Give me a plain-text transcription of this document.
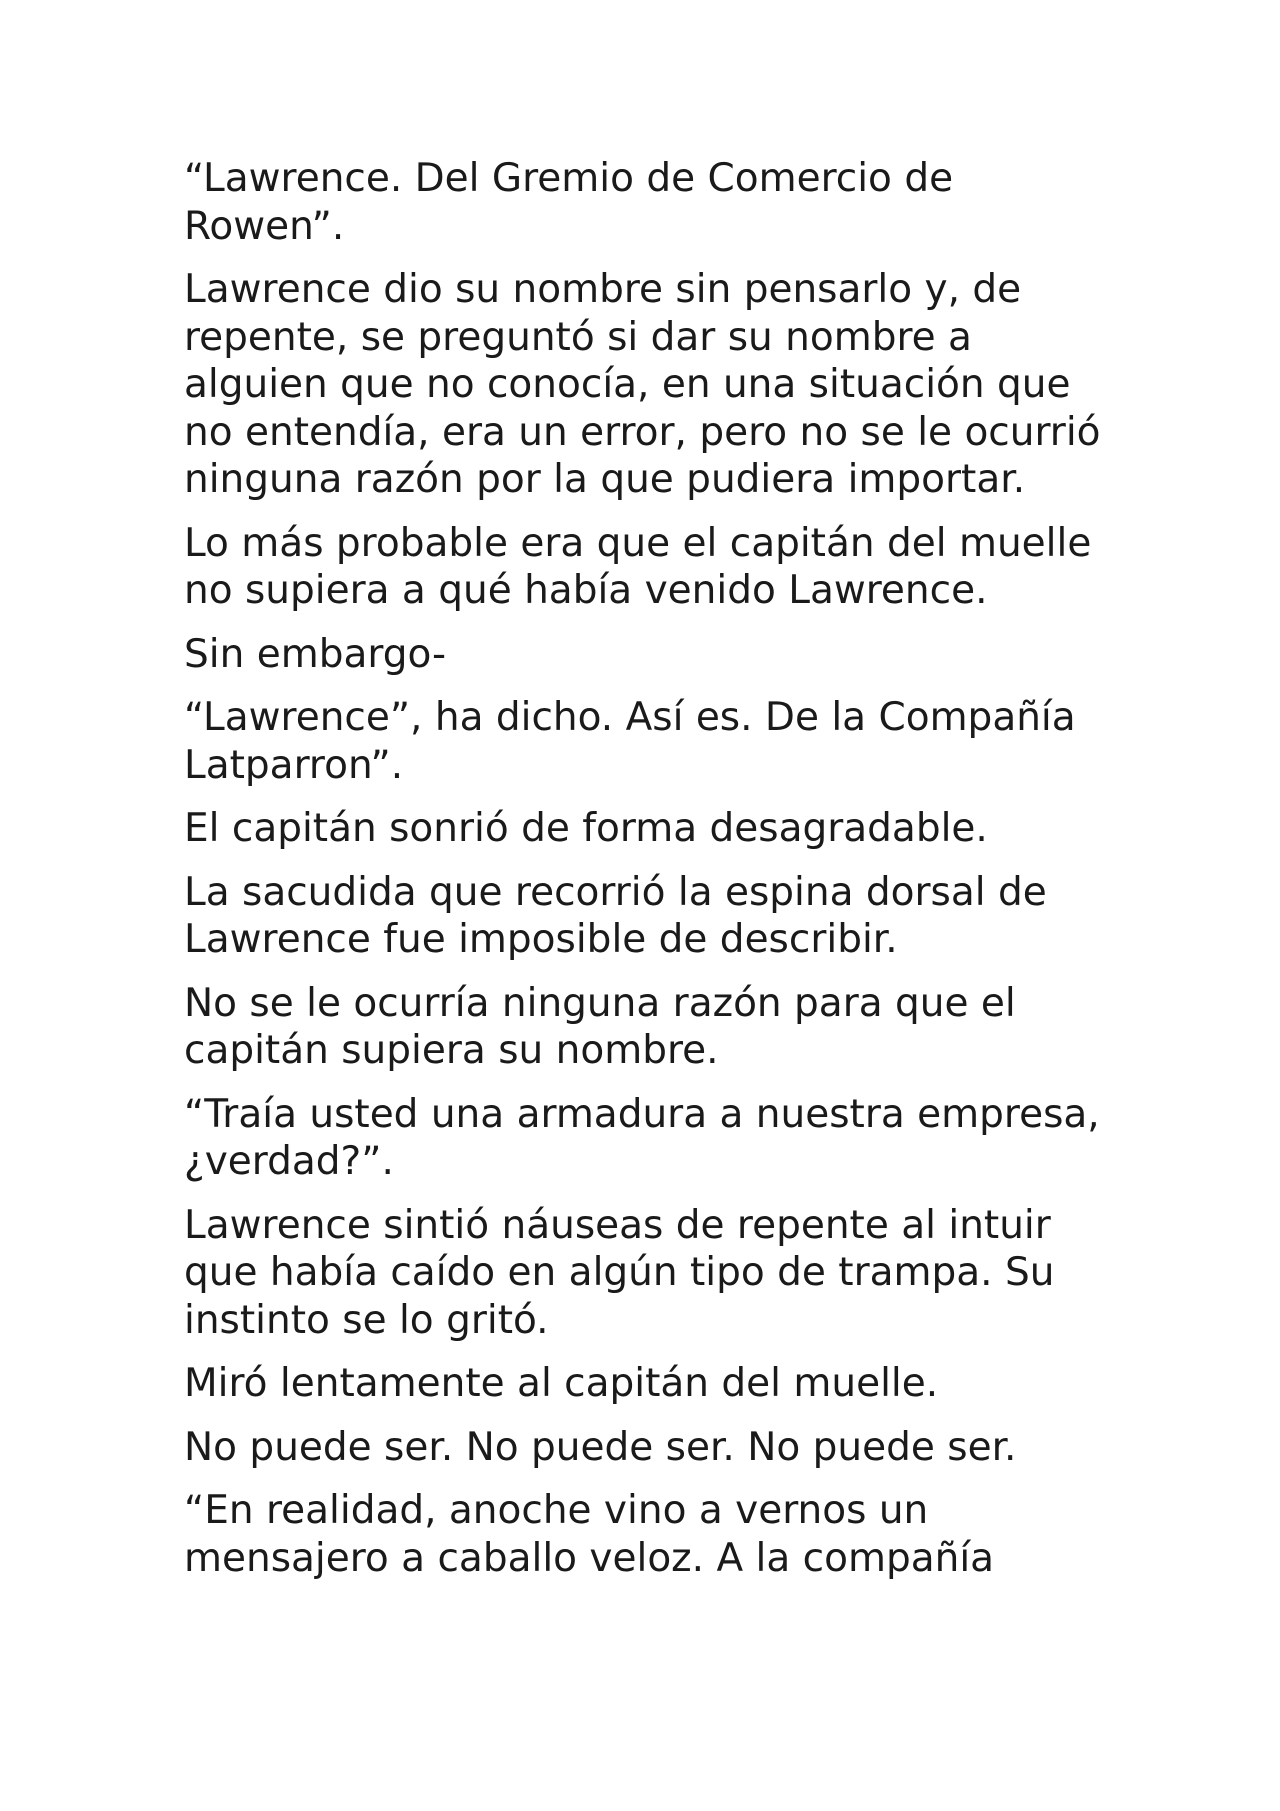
“Lawrence. Del Gremio de Comercio de Rowen”.

Lawrence dio su nombre sin pensarlo y, de repente, se preguntó si dar su nombre a alguien que no conocía, en una situación que no entendía, era un error, pero no se le ocurrió ninguna razón por la que pudiera importar.

Lo más probable era que el capitán del muelle no supiera a qué había venido Lawrence.

Sin embargo-

“Lawrence”, ha dicho. Así es. De la Compañía Latparron”.

El capitán sonrió de forma desagradable.

La sacudida que recorrió la espina dorsal de Lawrence fue imposible de describir.

No se le ocurría ninguna razón para que el capitán supiera su nombre.

“Traía usted una armadura a nuestra empresa, ¿verdad?”.

Lawrence sintió náuseas de repente al intuir que había caído en algún tipo de trampa. Su instinto se lo gritó.

Miró lentamente al capitán del muelle.

No puede ser. No puede ser. No puede ser.

“En realidad, anoche vino a vernos un mensajero a caballo veloz. A la compañía
